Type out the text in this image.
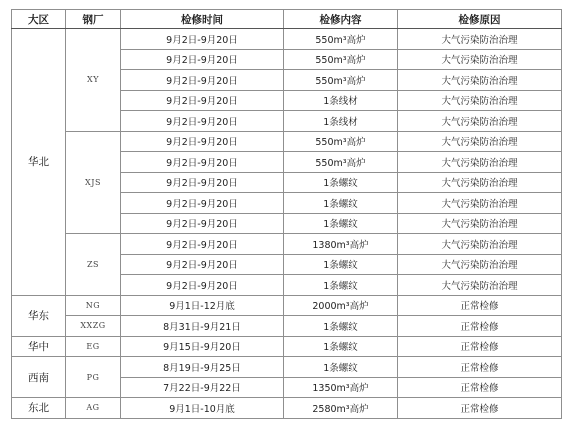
大区	钢厂	检修时间	检修内容	检修原因
华北	XY	9月2日-9月20日	550m³高炉	大气污染防治治理
		9月2日-9月20日	550m³高炉	大气污染防治治理
		9月2日-9月20日	550m³高炉	大气污染防治治理
		9月2日-9月20日	1条线材	大气污染防治治理
		9月2日-9月20日	1条线材	大气污染防治治理
	XJS	9月2日-9月20日	550m³高炉	大气污染防治治理
		9月2日-9月20日	550m³高炉	大气污染防治治理
		9月2日-9月20日	1条螺纹	大气污染防治治理
		9月2日-9月20日	1条螺纹	大气污染防治治理
		9月2日-9月20日	1条螺纹	大气污染防治治理
	ZS	9月2日-9月20日	1380m³高炉	大气污染防治治理
		9月2日-9月20日	1条螺纹	大气污染防治治理
		9月2日-9月20日	1条螺纹	大气污染防治治理
华东	NG	9月1日-12月底	2000m³高炉	正常检修
	XXZG	8月31日-9月21日	1条螺纹	正常检修
华中	EG	9月15日-9月20日	1条螺纹	正常检修
西南	PG	8月19日-9月25日	1条螺纹	正常检修
		7月22日-9月22日	1350m³高炉	正常检修
东北	AG	9月1日-10月底	2580m³高炉	正常检修
